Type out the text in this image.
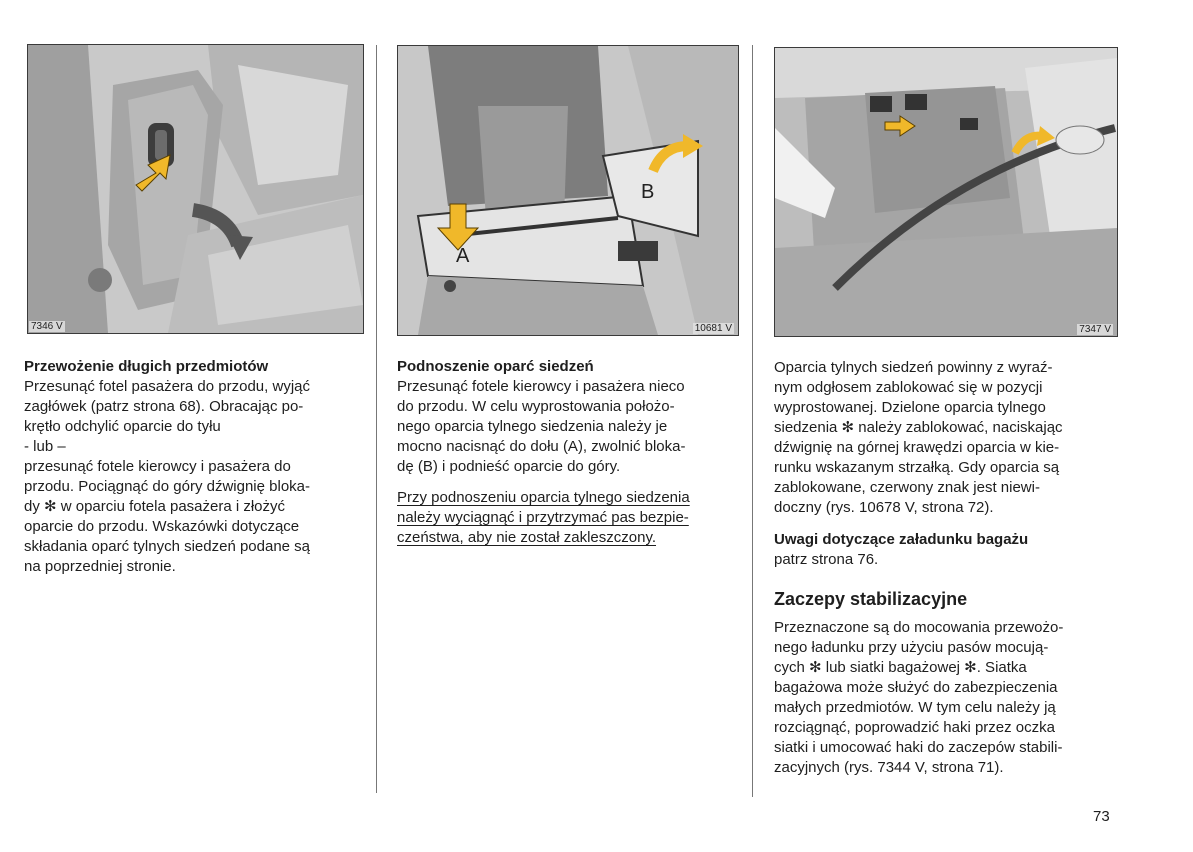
7346 V
A
B
10681 V	7347 V

Przewożenie długich przedmiotów

Przesunąć fotel pasażera do przodu, wyjąć

zagłówek (patrz strona 68). Obracając po-

krętło odchylić oparcie do tyłu

- lub –

przesunąć fotele kierowcy i pasażera do

przodu. Pociągnąć do góry dźwignię bloka-

dy ✻ w oparciu fotela pasażera i złożyć

oparcie do przodu. Wskazówki dotyczące

składania oparć tylnych siedzeń podane są

na poprzedniej stronie.

Podnoszenie oparć siedzeń

Przesunąć fotele kierowcy i pasażera nieco

do przodu. W celu wyprostowania położo-

nego oparcia tylnego siedzenia należy je

mocno nacisnąć do dołu (A), zwolnić bloka-

dę (B) i podnieść oparcie do góry.

Przy podnoszeniu oparcia tylnego siedzenia

należy wyciągnąć i przytrzymać pas bezpie-

czeństwa, aby nie został zakleszczony.

Oparcia tylnych siedzeń powinny z wyraź-

nym odgłosem zablokować się w pozycji

wyprostowanej. Dzielone oparcia tylnego

siedzenia ✻ należy zablokować, naciskając

dźwignię na górnej krawędzi oparcia w kie-

runku wskazanym strzałką. Gdy oparcia są

zablokowane, czerwony znak jest niewi-

doczny (rys. 10678 V, strona 72).

Uwagi dotyczące załadunku bagażu

patrz strona 76.

Zaczepy stabilizacyjne

Przeznaczone są do mocowania przewożo-

nego ładunku przy użyciu pasów mocują-

cych ✻ lub siatki bagażowej ✻. Siatka

bagażowa może służyć do zabezpieczenia

małych przedmiotów. W tym celu należy ją

rozciągnąć, poprowadzić haki przez oczka

siatki i umocować haki do zaczepów stabili-

zacyjnych (rys. 7344 V, strona 71).

73
